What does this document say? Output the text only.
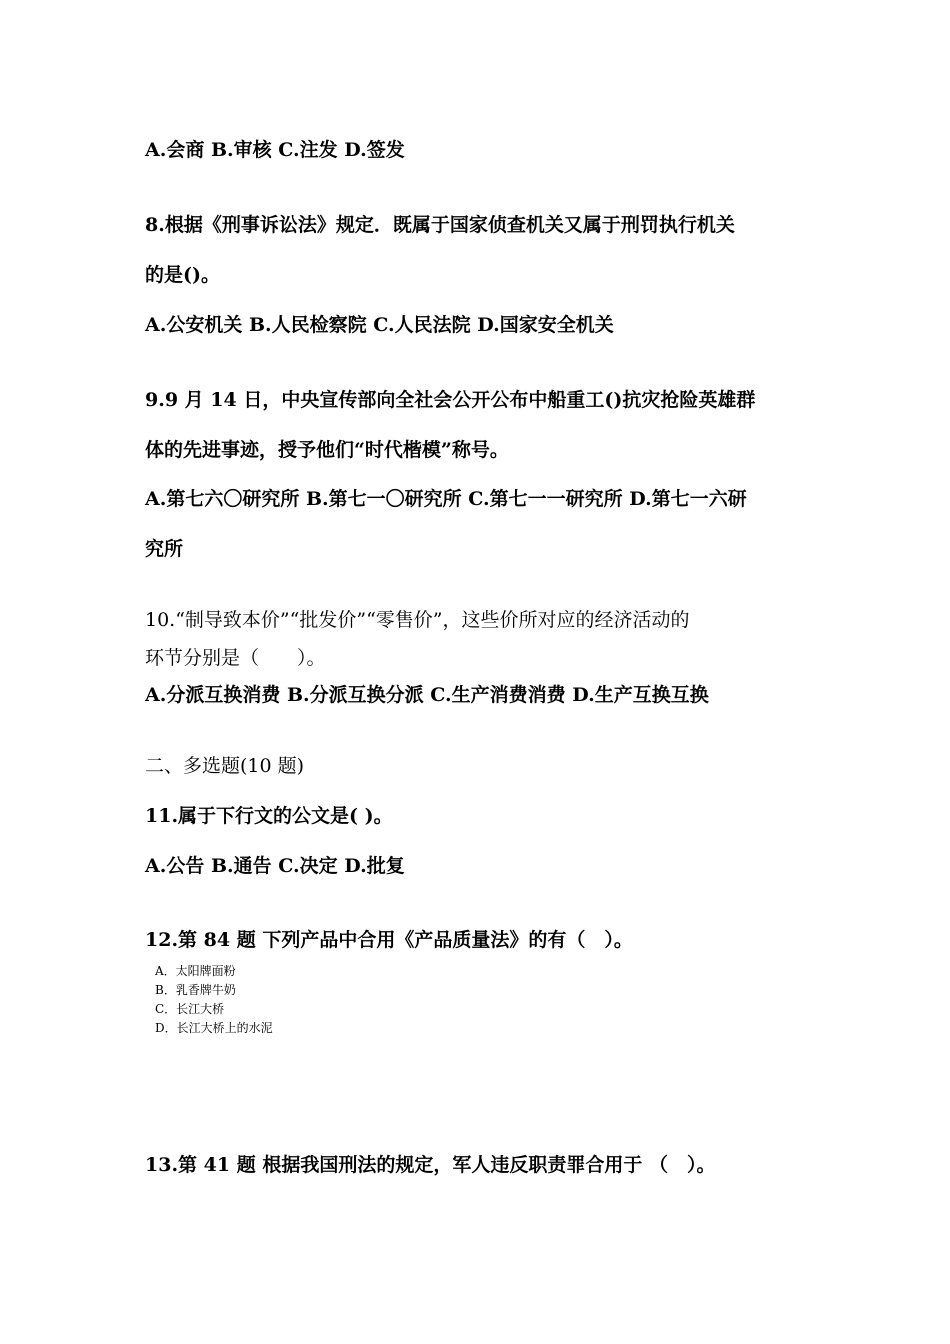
A.会商 B.审核 C.注发 D.签发
8.根据《刑事诉讼法》规定．既属于国家侦查机关又属于刑罚执行机关
的是()。
A.公安机关 B.人民检察院 C.人民法院 D.国家安全机关
9.9 月 14 日，中央宣传部向全社会公开公布中船重工()抗灾抢险英雄群
体的先进事迹，授予他们“时代楷模”称号。
A.第七六〇研究所 B.第七一〇研究所 C.第七一一研究所 D.第七一六研
究所
10.“制导致本价”“批发价”“零售价”，这些价所对应的经济活动的
环节分别是（　　）。
A.分派互换消费 B.分派互换分派 C.生产消费消费 D.生产互换互换
二、多选题(10 题)
11.属于下行文的公文是( )。
A.公告 B.通告 C.决定 D.批复
12.第 84 题 下列产品中合用《产品质量法》的有（　）。
A．太阳牌面粉
B．乳香牌牛奶
C．长江大桥
D．长江大桥上的水泥
13.第 41 题 根据我国刑法的规定，军人违反职责罪合用于 （　）。
